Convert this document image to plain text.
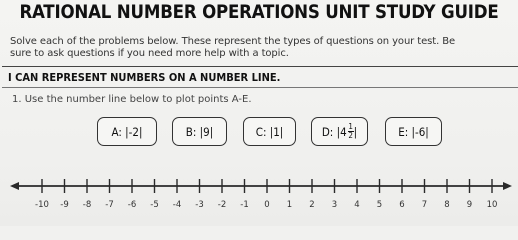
RATIONAL NUMBER OPERATIONS UNIT STUDY GUIDE
Solve each of the problems below. These represent the types of questions on your test. Be
sure to ask questions if you need more help with a topic.
I CAN REPRESENT NUMBERS ON A NUMBER LINE.
1. Use the number line below to plot points A-E.
A: |-2|	B: |9|	C: |1|	D: $|4 \frac{1}{2}$ |	E: |-6|
-10 -9 -8 -7 -6 -5 -4 -3 -2 -1 0 1 2 3 4 5 6 7 8 9 10
